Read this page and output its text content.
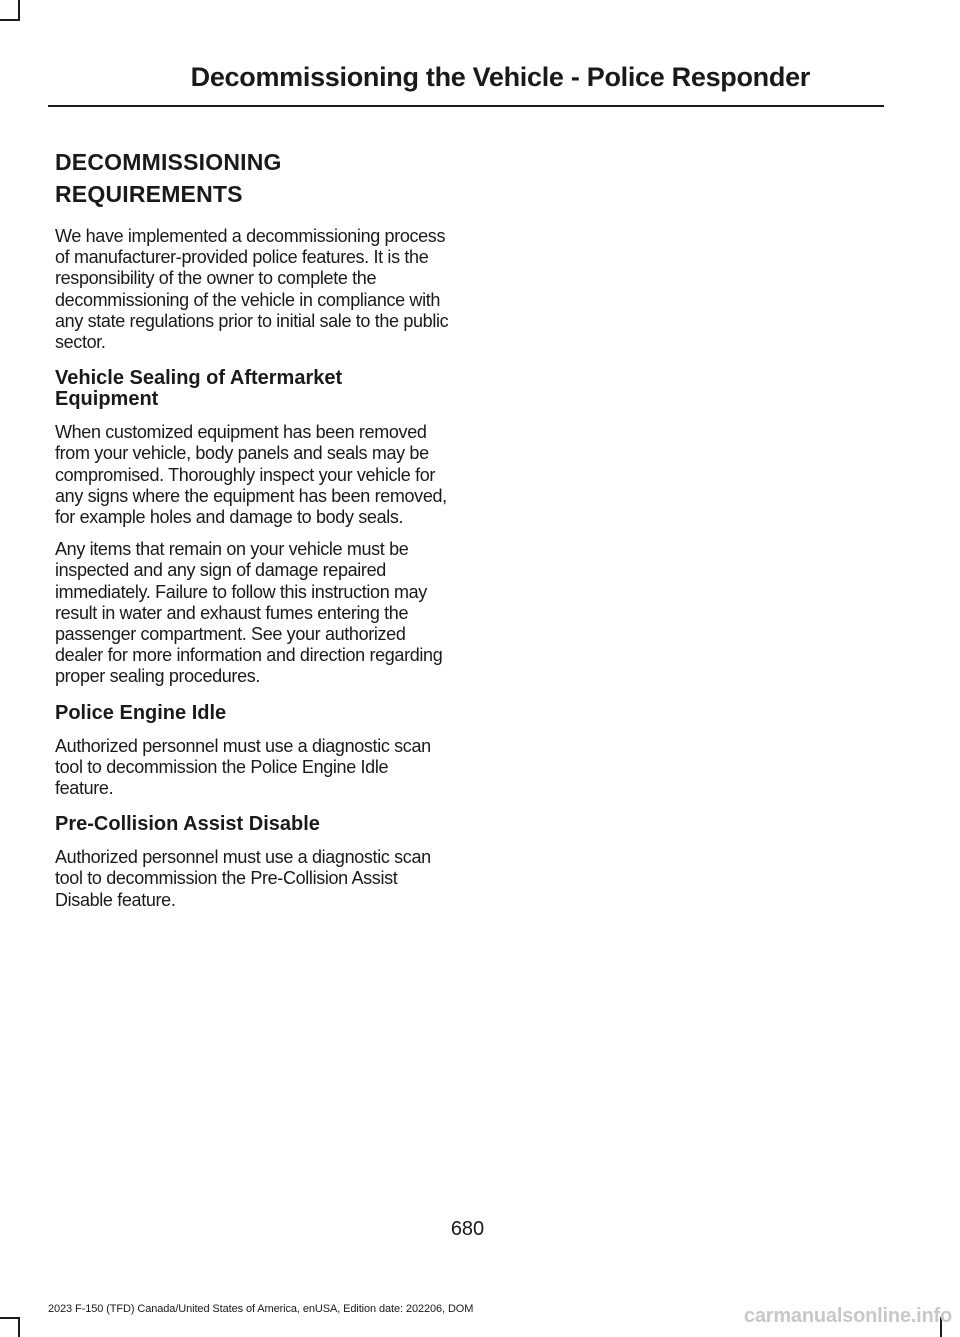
Decommissioning the Vehicle - Police Responder
DECOMMISSIONING
REQUIREMENTS

We have implemented a decommissioning process of manufacturer-provided police features. It is the responsibility of the owner to complete the decommissioning of the vehicle in compliance with any state regulations prior to initial sale to the public sector.

Vehicle Sealing of Aftermarket Equipment

When customized equipment has been removed from your vehicle, body panels and seals may be compromised. Thoroughly inspect your vehicle for any signs where the equipment has been removed, for example holes and damage to body seals.

Any items that remain on your vehicle must be inspected and any sign of damage repaired immediately. Failure to follow this instruction may result in water and exhaust fumes entering the passenger compartment. See your authorized dealer for more information and direction regarding proper sealing procedures.

Police Engine Idle

Authorized personnel must use a diagnostic scan tool to decommission the Police Engine Idle feature.

Pre-Collision Assist Disable

Authorized personnel must use a diagnostic scan tool to decommission the Pre-Collision Assist Disable feature.

680
2023 F-150 (TFD) Canada/United States of America, enUSA, Edition date: 202206, DOM	carmanualsonline.info
